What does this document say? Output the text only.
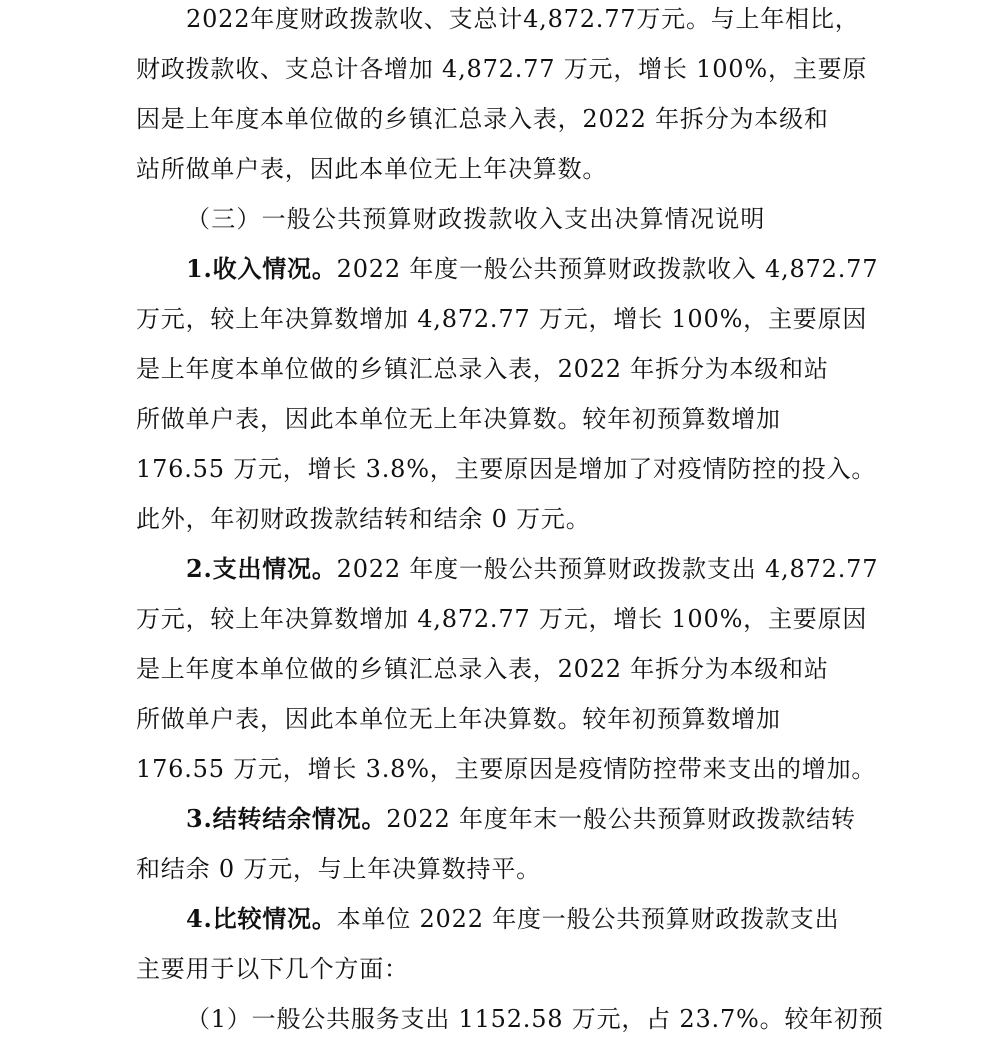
2022年度财政拨款收、支总计4,872.77万元。与上年相比，
财政拨款收、支总计各增加 4,872.77 万元，增长 100%，主要原
因是上年度本单位做的乡镇汇总录入表，2022 年拆分为本级和
站所做单户表，因此本单位无上年决算数。
（三）一般公共预算财政拨款收入支出决算情况说明
1.收入情况。2022 年度一般公共预算财政拨款收入 4,872.77
万元，较上年决算数增加 4,872.77 万元，增长 100%，主要原因
是上年度本单位做的乡镇汇总录入表，2022 年拆分为本级和站
所做单户表，因此本单位无上年决算数。较年初预算数增加
176.55 万元，增长 3.8%，主要原因是增加了对疫情防控的投入。
此外，年初财政拨款结转和结余 0 万元。
2.支出情况。2022 年度一般公共预算财政拨款支出 4,872.77
万元，较上年决算数增加 4,872.77 万元，增长 100%，主要原因
是上年度本单位做的乡镇汇总录入表，2022 年拆分为本级和站
所做单户表，因此本单位无上年决算数。较年初预算数增加
176.55 万元，增长 3.8%，主要原因是疫情防控带来支出的增加。
3.结转结余情况。2022 年度年末一般公共预算财政拨款结转
和结余 0 万元，与上年决算数持平。
4.比较情况。本单位 2022 年度一般公共预算财政拨款支出
主要用于以下几个方面：
（1）一般公共服务支出 1152.58 万元，占 23.7%。较年初预
